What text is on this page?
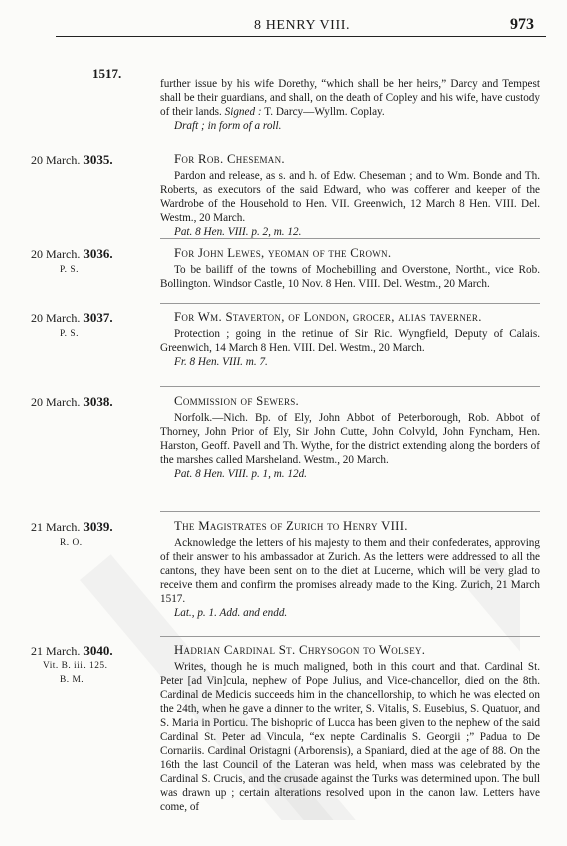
8 HENRY VIII.	973
1517.
further issue by his wife Dorethy, “which shall be her heirs,” Darcy and Tempest shall be their guardians, and shall, on the death of Copley and his wife, have custody of their lands. Signed : T. Darcy—Wyllm. Coplay.
Draft ; in form of a roll.
20 March. 3035.	For Rob. Cheseman.
Pardon and release, as s. and h. of Edw. Cheseman ; and to Wm. Bonde and Th. Roberts, as executors of the said Edward, who was cofferer and keeper of the Wardrobe of the Household to Hen. VII. Greenwich, 12 March 8 Hen. VIII. Del. Westm., 20 March.
Pat. 8 Hen. VIII. p. 2, m. 12.
20 March. 3036.
P. S.
For John Lewes, yeoman of the Crown.
To be bailiff of the towns of Mochebilling and Overstone, Northt., vice Rob. Bollington. Windsor Castle, 10 Nov. 8 Hen. VIII. Del. Westm., 20 March.
20 March. 3037.
P. S.
For Wm. Staverton, of London, grocer, alias taverner.
Protection ; going in the retinue of Sir Ric. Wyngfield, Deputy of Calais. Greenwich, 14 March 8 Hen. VIII. Del. Westm., 20 March.
Fr. 8 Hen. VIII. m. 7.
20 March. 3038.	Commission of Sewers.
Norfolk.—Nich. Bp. of Ely, John Abbot of Peterborough, Rob. Abbot of Thorney, John Prior of Ely, Sir John Cutte, John Colvyld, John Fyncham, Hen. Harston, Geoff. Pavell and Th. Wythe, for the district extending along the borders of the marshes called Marsheland. Westm., 20 March.
Pat. 8 Hen. VIII. p. 1, m. 12d.
21 March. 3039.
R. O.
The Magistrates of Zurich to Henry VIII.
Acknowledge the letters of his majesty to them and their confederates, approving of their answer to his ambassador at Zurich. As the letters were addressed to all the cantons, they have been sent on to the diet at Lucerne, which will be very glad to receive them and confirm the promises already made to the King. Zurich, 21 March 1517.
Lat., p. 1. Add. and endd.
21 March. 3040.
Vit. B. iii. 125.
B. M.
Hadrian Cardinal St. Chrysogon to Wolsey.
Writes, though he is much maligned, both in this court and that. Cardinal St. Peter [ad Vin]cula, nephew of Pope Julius, and Vice-chancellor, died on the 8th. Cardinal de Medicis succeeds him in the chancellorship, to which he was elected on the 24th, when he gave a dinner to the writer, S. Vitalis, S. Eusebius, S. Quatuor, and S. Maria in Porticu. The bishopric of Lucca has been given to the nephew of the said Cardinal St. Peter ad Vincula, “ex nepte Cardinalis S. Georgii ;” Padua to De Cornariis. Cardinal Oristagni (Arborensis), a Spaniard, died at the age of 88. On the 16th the last Council of the Lateran was held, when mass was celebrated by the Cardinal S. Crucis, and the crusade against the Turks was determined upon. The bull was drawn up ; certain alterations resolved upon in the canon law. Letters have come, of
